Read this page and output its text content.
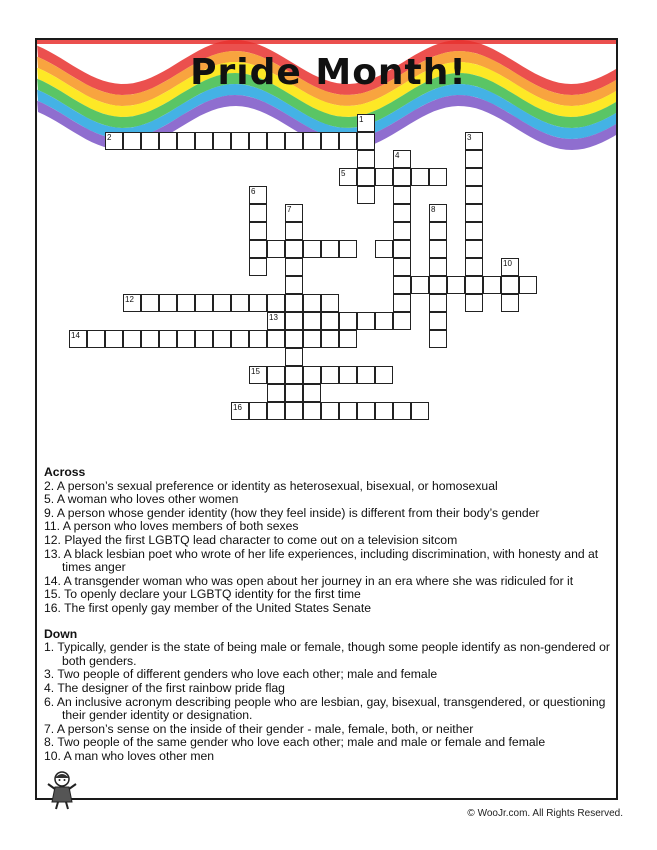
Pride Month!
1
2	3
4
5
6
7	8
10
12
13
14
15
16

Across

2. A person’s sexual preference or identity as heterosexual, bisexual, or homosexual

5. A woman who loves other women

9. A person whose gender identity (how they feel inside) is different from their body’s gender

11. A person who loves members of both sexes

12. Played the first LGBTQ lead character to come out on a television sitcom

13. A black lesbian poet who wrote of her life experiences, including discrimination, with honesty and at times anger

14. A transgender woman who was open about her journey in an era where she was ridiculed for it

15. To openly declare your LGBTQ identity for the first time

16. The first openly gay member of the United States Senate

Down

1. Typically, gender is the state of being male or female, though some people identify as non-gendered or both genders.

3. Two people of different genders who love each other; male and female

4. The designer of the first rainbow pride flag

6. An inclusive acronym describing people who are lesbian, gay, bisexual, transgendered, or questioning their gender identity or designation.

7. A person’s sense on the inside of their gender - male, female, both, or neither

8. Two people of the same gender who love each other; male and male or female and female

10. A man who loves other men

© WooJr.com. All Rights Reserved.
